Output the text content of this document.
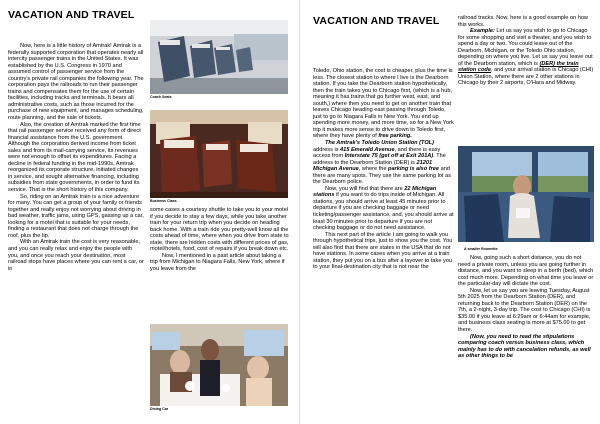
VACATION AND TRAVEL

Now, here is a little history of Amtrak! Amtrak is a federally supported corporation that operates nearly all intercity passenger trains in the United States. It was established by the U.S. Congress in 1970 and assumed control of passenger service from the country's private rail companies the following year. The corporation pays the railroads to run their passenger trains and compensates them for the use of certain facilities, including tracks and terminals. It bears all administrative costs, such as those incurred for the purchase of new equipment, and manages scheduling, route planning, and the sale of tickets.

Also, the creation of Amtrak marked the first time that rail passenger service received any form of direct financial assistance from the U.S. government. Although the corporation derived income from ticket sales and from its mail-carrying service, its revenues were not enough to offset its expenditures. Facing a decline in federal funding in the mid-1990s, Amtrak reorganized its corporate structure, initiated changes in service, and sought alternative financing, including subsidies from state governments, in order to fund its service. That is the short history of this company.

So, riding on an Amtrak train is a nice adventure for many. You can get a group of your family or friends together and really enjoy not worrying about driving in bad weather, traffic jams, using GPS, gassing up a car, looking for a motel that is suitable for your needs, finding a restaurant that does not charge through the roof, plus the tip.

With an Amtrak train the cost is very reasonable, and you can really relax and enjoy the people with you, and once you reach your destination, most railroad stops have places where you can rent a car, or in

Coach Seats
Business Class

some cases a courtesy shuttle to take you to your motel if you decide to stay a few days, while you take another train for your return trip when you decide on heading back home. With a train ride you pretty-well know all the costs ahead of time, where when you drive from state to state, there are hidden costs with different prices of gas, motel/hotels, food, cost of repairs if you break down etc.

Now, I mentioned in a past article about taking a trip from Michigan to Niagara Falls, New York, where if you leave from the

Dining Car
VACATION AND TRAVEL

Toledo, Ohio station, the cost is cheaper, plus the time is less. The closest station to where I live is the Dearborn station. If you take the Dearborn station hypothetically, then the train takes you to Chicago first, (which is a hub, meaning it has trains that go further west, east, and south,) where then you need to get on another train that leaves Chicago heading east passing through Toledo, just to go to Niagara Falls in New York. You end up spending more money, and more time, so for a New York trip it makes more sense to drive down to Toledo first, where they have plenty of free parking.

The Amtrak's Toledo Union Station (TOL) address is 415 Emerald Avenue, and there is easy access from Interstate 75 (get off at Exit 201A). The address to the Dearborn Station (DER) is 21201 Michigan Avenue, where the parking is also free and there are many spots. They use the same parking lot as the Dearborn police.

Now, you will find that there are 22 Michigan stations if you want to do trips inside of Michigan. All stations, you should arrive at least 45 minutes prior to departure if you are checking baggage or need ticketing/passenger assistance, and, you should arrive at least 30 minutes prior to departure if you are not checking baggage or do not need assistance.

This next part of the article I am going to walk you through hypothetical trips, just to show you the cost. You will also find that there are states in the USA that do not have stations. In some cases when you arrive at a train station, they put you on a bus after a layover to take you to your final-destination city that is not near the

railroad tracks. Now, here is a good example on how this works.

Example: Let us say you wish to go to Chicago for some shopping and visit a theater, and you wish to spend a day or two. You could leave out of the Dearborn, Michigan, or the Toledo Ohio station, depending on where you live. Let us say you leave out of the Dearborn station, which is (DER) the train station code, and your arrival station is Chicago (CHI) Union Station, where there are 2 other stations in Chicago by their 2 airports, O'Hara and Midway.

A smaller Roomette

Now, going such a short distance, you do not need a private room, unless you are going further in distance, and you want to sleep in a berth (bed), which cost much more. Depending on what time you leave or the particular-day will dictate the cost.

Now, let us say you are leaving Tuesday, August 5th 2025 from the Dearborn Station (DER), and returning back to the Dearborn Station (DER) on the 7th, a 2-night, 3-day trip. The cost to Chicago (CHI) is $35.00 if you leave at 6:29am or 6:44am for example, and business class seating is more at $75.00 to get there.

(Now, you need to read the stipulations comparing coach versus business class, which mainly has to do with cancelation refunds, as well as other things to be
